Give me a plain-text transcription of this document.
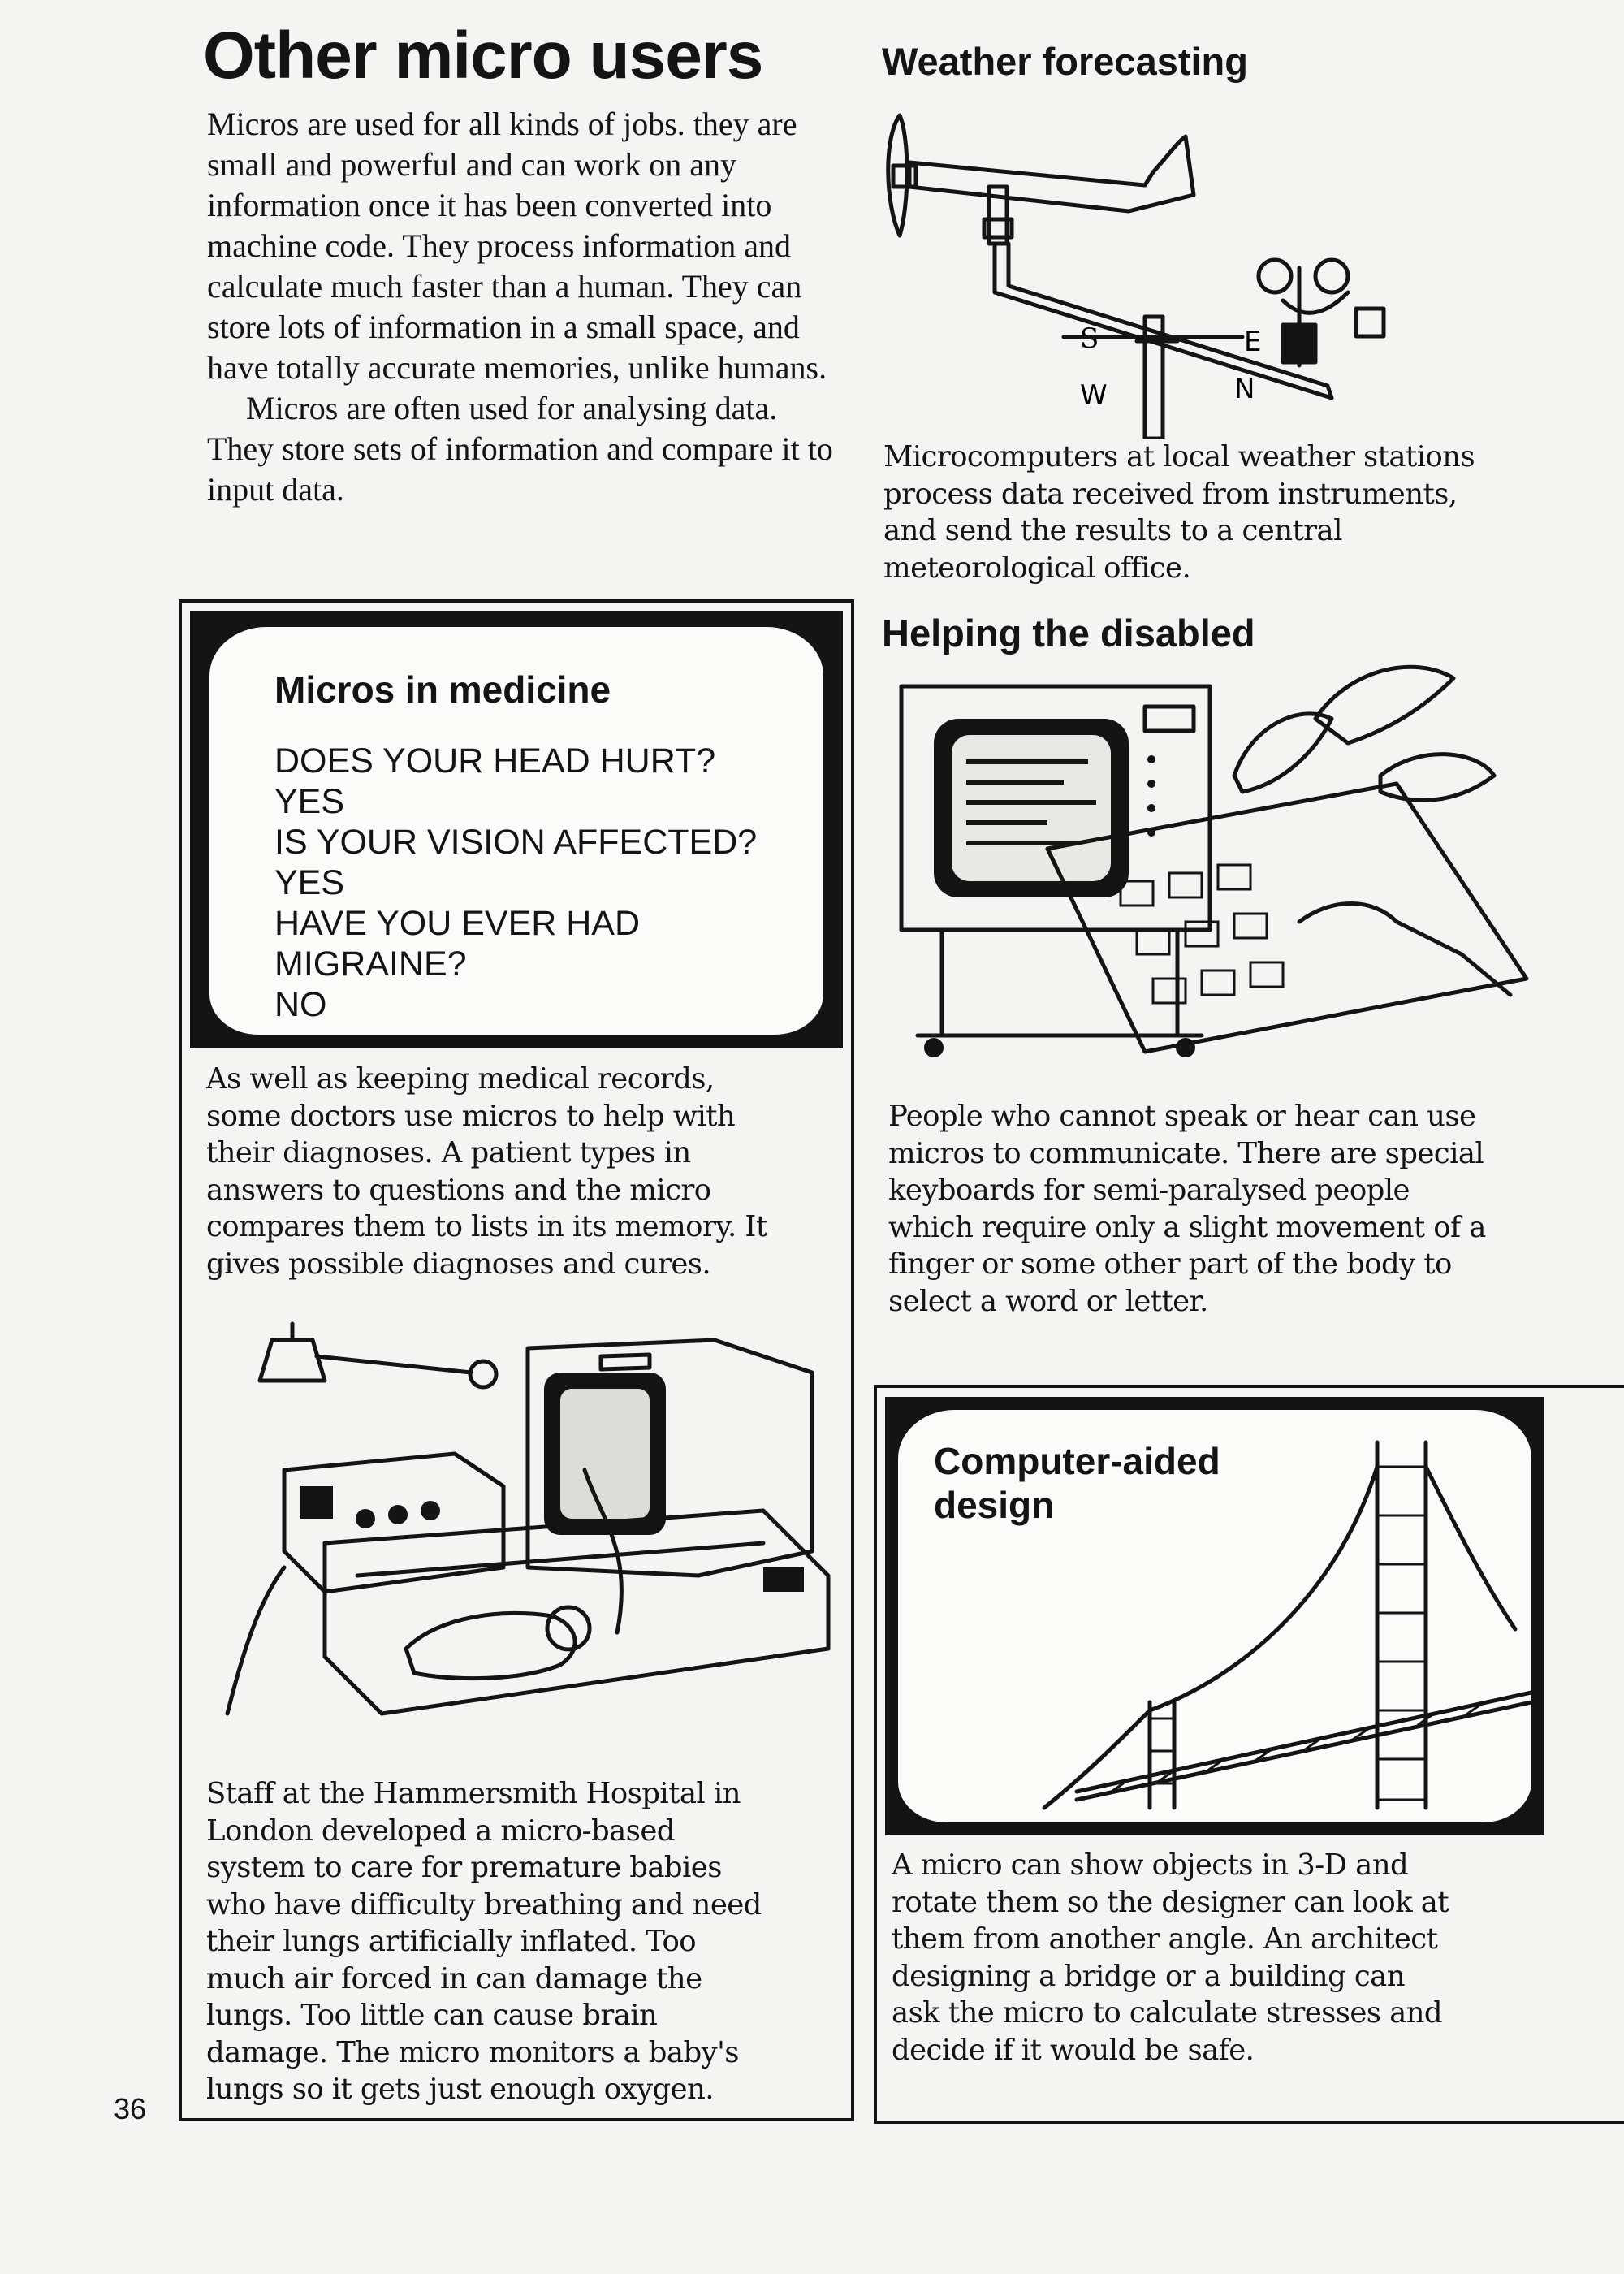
Other micro users

Micros are used for all kinds of jobs. they are small and powerful and can work on any information once it has been converted into machine code. They process information and calculate much faster than a human. They can store lots of information in a small space, and have totally accurate memories, unlike humans.

Micros are often used for analysing data. They store sets of information and compare it to input data.

Weather forecasting
S	E
W	N
Microcomputers at local weather stations
process data received from instruments,
and send the results to a central
meteorological office.
Helping the disabled
People who cannot speak or hear can use
micros to communicate. There are special
keyboards for semi-paralysed people
which require only a slight movement of a
finger or some other part of the body to
select a word or letter.
Micros in medicine
DOES YOUR HEAD HURT?
YES
IS YOUR VISION AFFECTED?
YES
HAVE YOU EVER HAD
MIGRAINE?
NO
As well as keeping medical records,
some doctors use micros to help with
their diagnoses. A patient types in
answers to questions and the micro
compares them to lists in its memory. It
gives possible diagnoses and cures.
Staff at the Hammersmith Hospital in
London developed a micro-based
system to care for premature babies
who have difficulty breathing and need
their lungs artificially inflated. Too
much air forced in can damage the
lungs. Too little can cause brain
damage. The micro monitors a baby's
lungs so it gets just enough oxygen.
Computer-aided
design
A micro can show objects in 3-D and
rotate them so the designer can look at
them from another angle. An architect
designing a bridge or a building can
ask the micro to calculate stresses and
decide if it would be safe.
36
